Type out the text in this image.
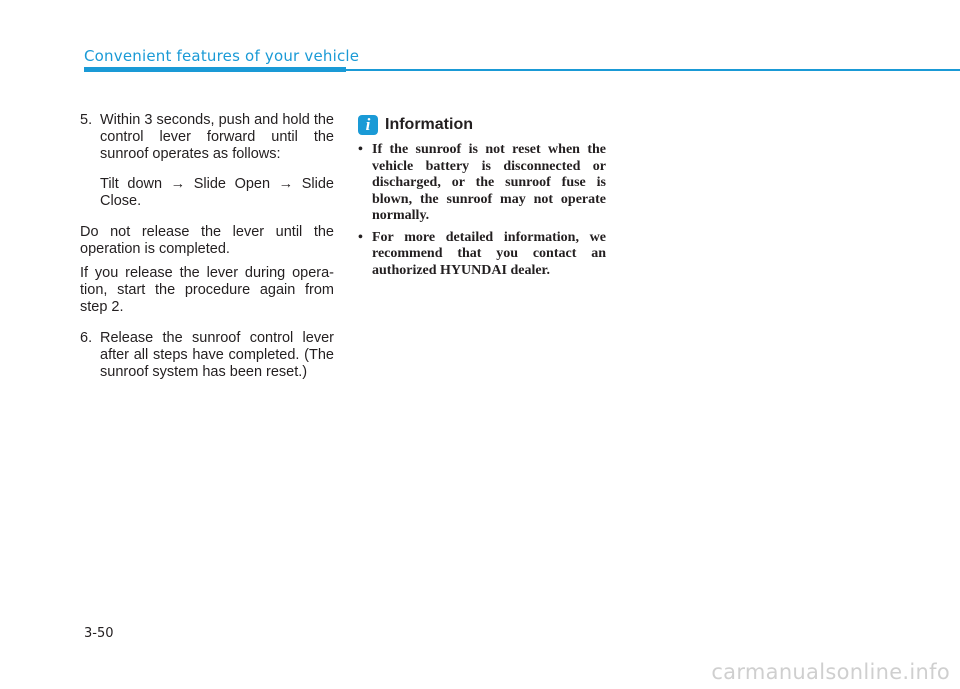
Convenient features of your vehicle
5. Within 3 seconds, push and hold the control lever forward until the sunroof operates as follows:

Tilt down → Slide Open → Slide Close.

Do not release the lever until the operation is completed.

If you release the lever during opera-tion, start the procedure again from step 2.

6. Release the sunroof control lever after all steps have completed. (The sunroof system has been reset.)
i Information
• If the sunroof is not reset when the vehicle battery is disconnected or discharged, or the sunroof fuse is blown, the sunroof may not operate normally.
• For more detailed information, we recommend that you contact an authorized HYUNDAI dealer.
3-50
carmanualsonline.info
